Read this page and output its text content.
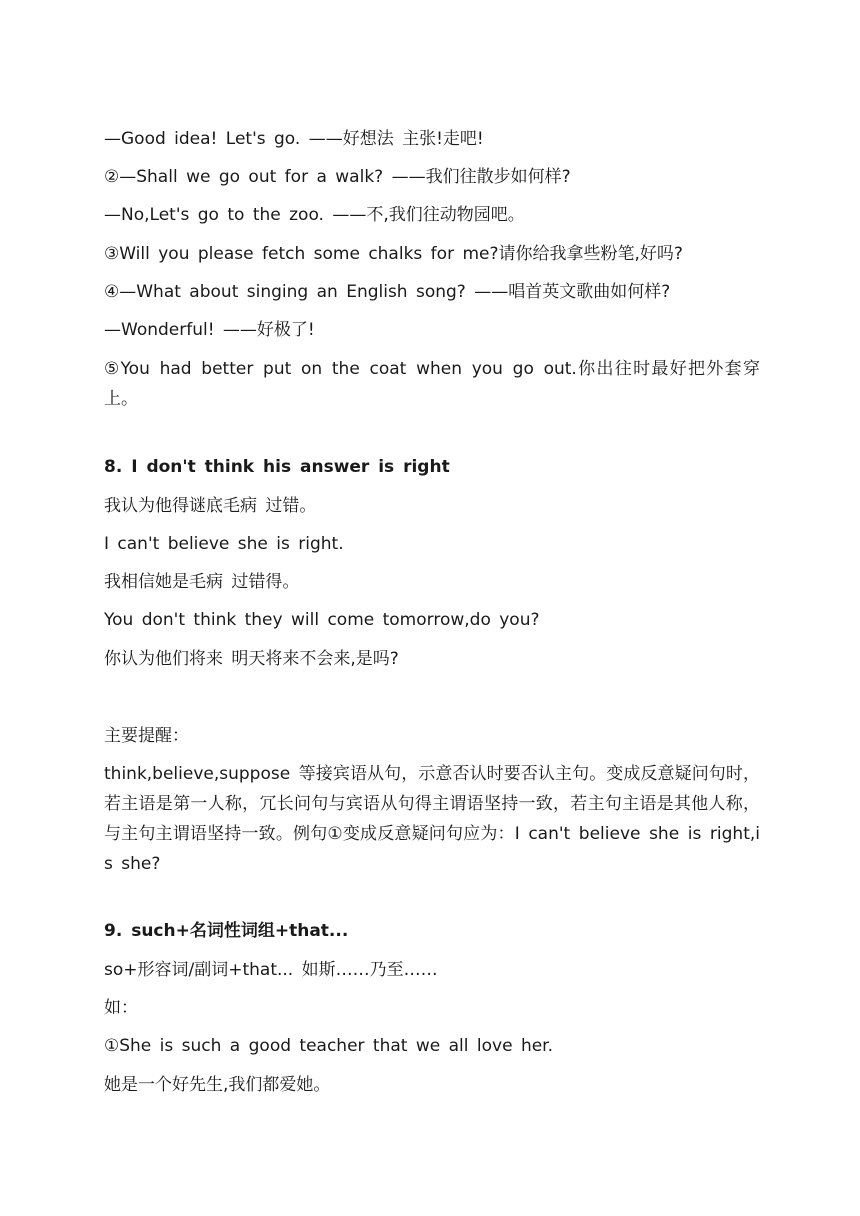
—Good idea! Let's go. ——好想法 主张!走吧!
②—Shall we go out for a walk? ——我们往散步如何样?
—No,Let's go to the zoo. ——不,我们往动物园吧。
③Will you please fetch some chalks for me?请你给我拿些粉笔,好吗?
④—What about singing an English song? ——唱首英文歌曲如何样?
—Wonderful! ——好极了!
⑤You had better put on the coat when you go out.你出往时最好把外套穿上。
8. I don't think his answer is right
我认为他得谜底毛病 过错。
I can't believe she is right.
我相信她是毛病 过错得。
You don't think they will come tomorrow,do you?
你认为他们将来 明天将来不会来,是吗?
主要提醒：
think,believe,suppose 等接宾语从句，示意否认时要否认主句。变成反意疑问句时，若主语是第一人称，冗长问句与宾语从句得主谓语坚持一致，若主句主语是其他人称，与主句主谓语坚持一致。例句①变成反意疑问句应为：I can't believe she is right,is she?
9. such+名词性词组+that...
so+形容词/副词+that... 如斯……乃至……
如：
①She is such a good teacher that we all love her.
她是一个好先生,我们都爱她。
